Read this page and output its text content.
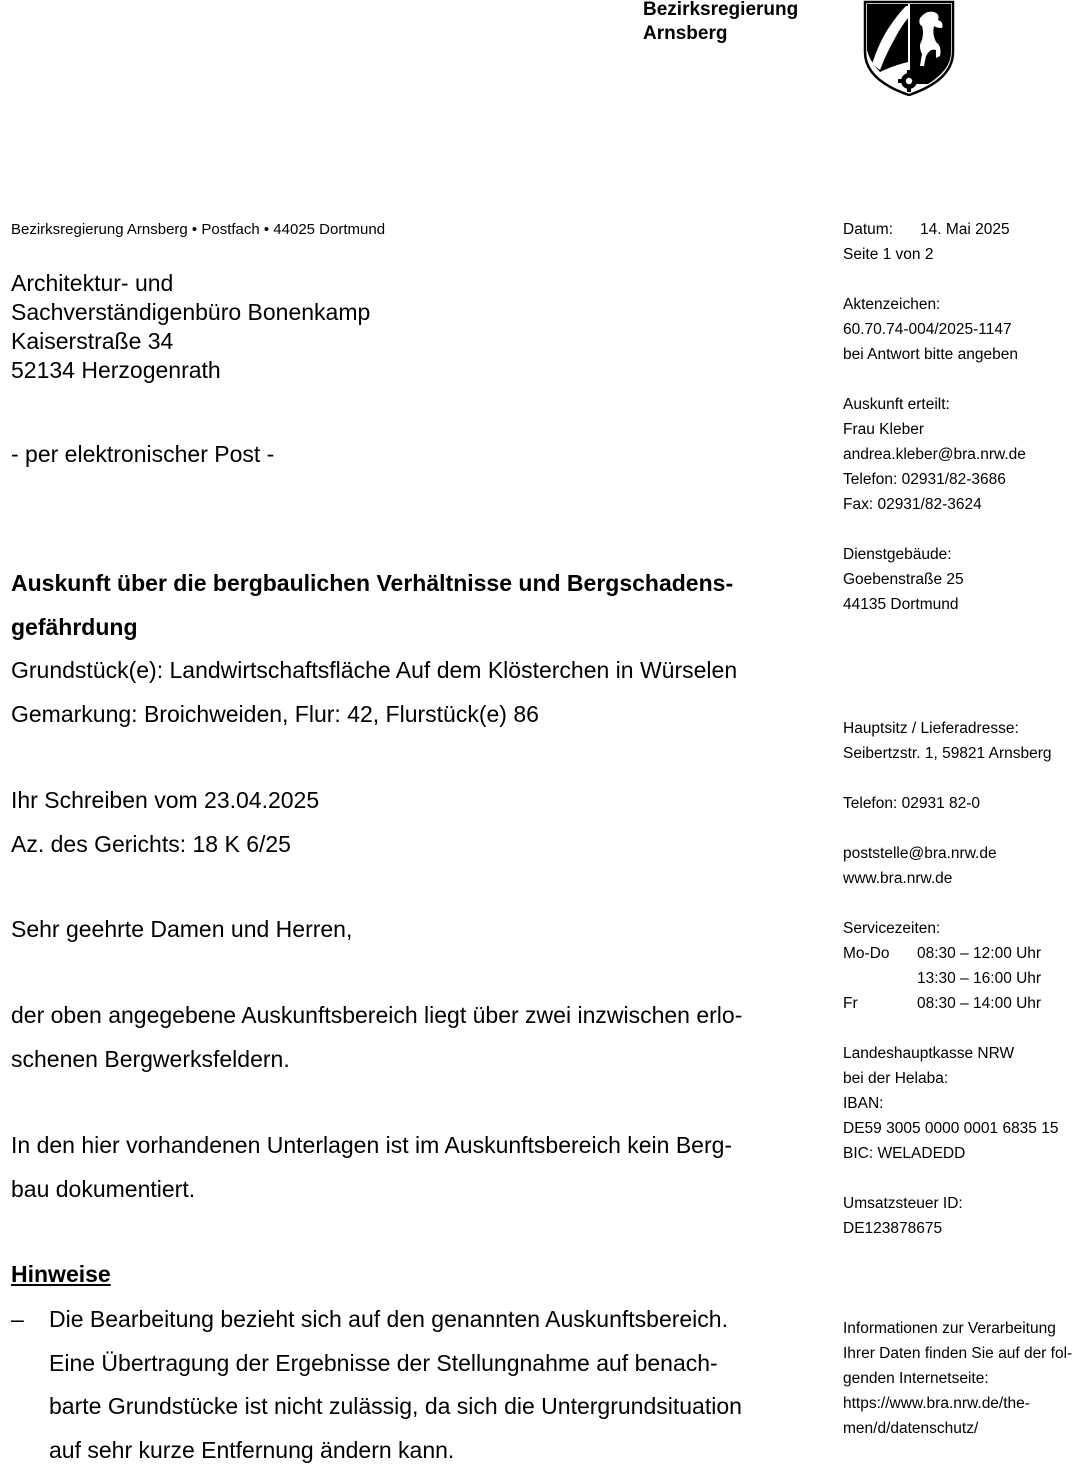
Bezirksregierung
Arnsberg
Bezirksregierung Arnsberg • Postfach • 44025 Dortmund
Architektur- und
Sachverständigenbüro Bonenkamp
Kaiserstraße 34
52134 Herzogenrath
- per elektronischer Post -
Auskunft über die bergbaulichen Verhältnisse und Bergschadens-
gefährdung
Grundstück(e): Landwirtschaftsfläche Auf dem Klösterchen in Würselen
Gemarkung: Broichweiden, Flur: 42, Flurstück(e) 86
Ihr Schreiben vom 23.04.2025
Az. des Gerichts: 18 K 6/25
Sehr geehrte Damen und Herren,
der oben angegebene Auskunftsbereich liegt über zwei inzwischen erlo-
schenen Bergwerksfeldern.
In den hier vorhandenen Unterlagen ist im Auskunftsbereich kein Berg-
bau dokumentiert.
Hinweise
– Die Bearbeitung bezieht sich auf den genannten Auskunftsbereich.
Eine Übertragung der Ergebnisse der Stellungnahme auf benach-
barte Grundstücke ist nicht zulässig, da sich die Untergrundsituation
auf sehr kurze Entfernung ändern kann.
Datum: 14. Mai 2025
Seite 1 von 2
Aktenzeichen:
60.70.74-004/2025-1147
bei Antwort bitte angeben
Auskunft erteilt:
Frau Kleber
andrea.kleber@bra.nrw.de
Telefon: 02931/82-3686
Fax: 02931/82-3624
Dienstgebäude:
Goebenstraße 25
44135 Dortmund
Hauptsitz / Lieferadresse:
Seibertzstr. 1, 59821 Arnsberg
Telefon: 02931 82-0
poststelle@bra.nrw.de
www.bra.nrw.de
Servicezeiten:
Mo-Do 08:30 – 12:00 Uhr
13:30 – 16:00 Uhr
Fr	08:30 – 14:00 Uhr
Landeshauptkasse NRW
bei der Helaba:
IBAN:
DE59 3005 0000 0001 6835 15
BIC: WELADEDD
Umsatzsteuer ID:
DE123878675
Informationen zur Verarbeitung
Ihrer Daten finden Sie auf der fol-
genden Internetseite:
https://www.bra.nrw.de/the-
men/d/datenschutz/
